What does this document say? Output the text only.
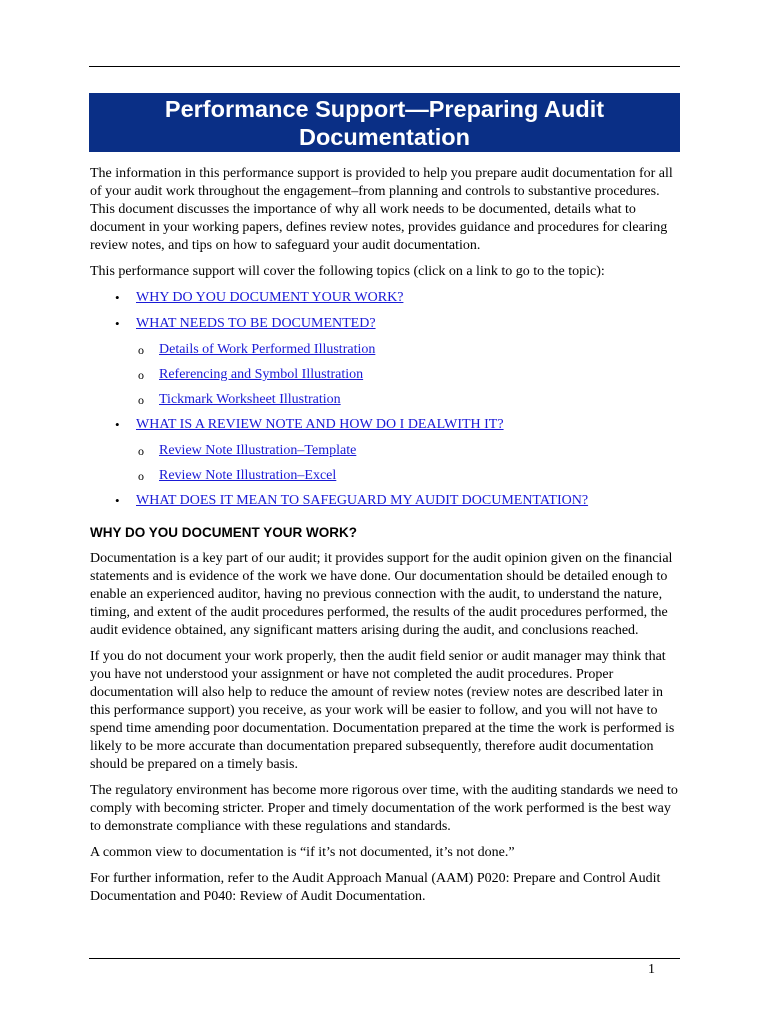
Performance Support—Preparing Audit Documentation

The information in this performance support is provided to help you prepare audit documentation for all of your audit work throughout the engagement–from planning and controls to substantive procedures. This document discusses the importance of why all work needs to be documented, details what to document in your working papers, defines review notes, provides guidance and procedures for clearing review notes, and tips on how to safeguard your audit documentation.

This performance support will cover the following topics (click on a link to go to the topic):

• WHY DO YOU DOCUMENT YOUR WORK?
• WHAT NEEDS TO BE DOCUMENTED?
o Details of Work Performed Illustration
o Referencing and Symbol Illustration
o Tickmark Worksheet Illustration
• WHAT IS A REVIEW NOTE AND HOW DO I DEALWITH IT?
o Review Note Illustration–Template
o Review Note Illustration–Excel
• WHAT DOES IT MEAN TO SAFEGUARD MY AUDIT DOCUMENTATION?
WHY DO YOU DOCUMENT YOUR WORK?

Documentation is a key part of our audit; it provides support for the audit opinion given on the financial statements and is evidence of the work we have done. Our documentation should be detailed enough to enable an experienced auditor, having no previous connection with the audit, to understand the nature, timing, and extent of the audit procedures performed, the results of the audit procedures performed, the audit evidence obtained, any significant matters arising during the audit, and conclusions reached.

If you do not document your work properly, then the audit field senior or audit manager may think that you have not understood your assignment or have not completed the audit procedures. Proper documentation will also help to reduce the amount of review notes (review notes are described later in this performance support) you receive, as your work will be easier to follow, and you will not have to spend time amending poor documentation. Documentation prepared at the time the work is performed is likely to be more accurate than documentation prepared subsequently, therefore audit documentation should be prepared on a timely basis.

The regulatory environment has become more rigorous over time, with the auditing standards we need to comply with becoming stricter. Proper and timely documentation of the work performed is the best way to demonstrate compliance with these regulations and standards.

A common view to documentation is “if it’s not documented, it’s not done.”

For further information, refer to the Audit Approach Manual (AAM) P020: Prepare and Control Audit Documentation and P040: Review of Audit Documentation.

1
